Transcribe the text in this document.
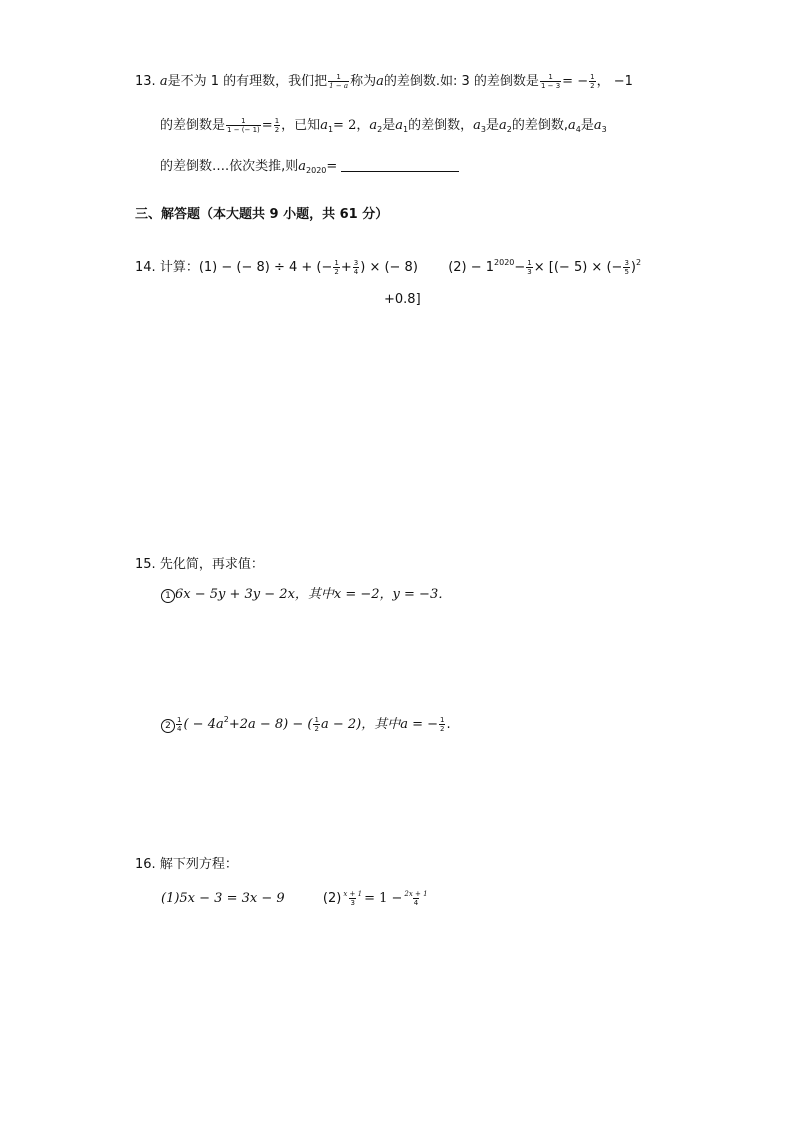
13. a是不为 1 的有理数，我们把 $\frac{1}{1 - a}$ 称为a的差倒数.如: 3 的差倒数是 $\frac{1}{1 - 3}$ = − $\frac{1}{2}$ ， −1
的差倒数是 $\frac{1}{1 - (- 1)} = \frac{1}{2}$ ，已知$a_1= 2$，$a_2$是$a_1$的差倒数，$a_3$是$a_2$的差倒数$,a_4$是$a_3$
的差倒数….依次类推,则$a_{2020}=$
三、解答题（本大题共 9 小题，共 61 分）
14. 计算：(1) − (− 8) ÷ 4 + (− $\frac{1}{2} + \frac{3}{4}$ ) × (− 8) $(2) - 1^{2020}- \frac{1}{3}$ × [(− 5) × (− $\frac{3}{5} )^2$
+0.8]
15. 先化简，再求值：
1 6x − 5y + 3y − 2x，其中x = −2，y = −3．
$2 \frac{1}{4}$ ( − $4a^2+2a - 8$) − ( $\frac{1}{2}$ a − 2)，其中a = − $\frac{1}{2}$ .
16. 解下列方程：
(1)5x − 3 = 3x − 9	$(2) \frac{x + 1}{3} = 1 - \frac{2x + 1}{4}$
